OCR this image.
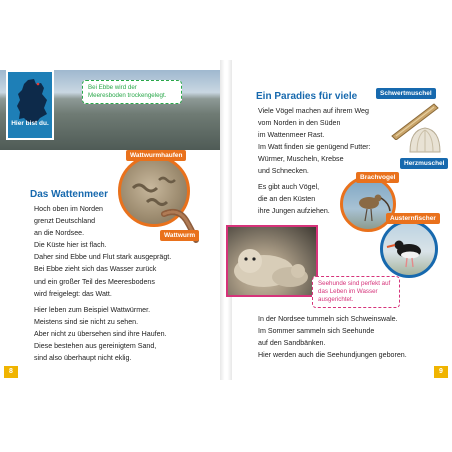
Hier bist du.
Bei Ebbe wird der Meeresboden trockengelegt.
Wattwurmhaufen
Wattwurm
Das Wattenmeer

Hoch oben im Norden

grenzt Deutschland

an die Nordsee.

Die Küste hier ist flach.

Daher sind Ebbe und Flut stark ausgeprägt.

Bei Ebbe zieht sich das Wasser zurück

und ein großer Teil des Meeresbodens

wird freigelegt: das Watt.

Hier leben zum Beispiel Wattwürmer.

Meistens sind sie nicht zu sehen.

Aber nicht zu übersehen sind ihre Haufen.

Diese bestehen aus gereinigtem Sand,

sind also überhaupt nicht eklig.

8
Schwertmuschel
Herzmuschel
Ein Paradies für viele

Viele Vögel machen auf ihrem Weg

vom Norden in den Süden

im Wattenmeer Rast.

Im Watt finden sie genügend Futter:

Würmer, Muscheln, Krebse

und Schnecken.

Es gibt auch Vögel,

die an den Küsten

ihre Jungen aufziehen.

Brachvogel
Austernfischer
Seehunde sind perfekt auf das Leben im Wasser ausgerichtet.

In der Nordsee tummeln sich Schweinswale.

Im Sommer sammeln sich Seehunde

auf den Sandbänken.

Hier werden auch die Seehundjungen geboren.

9
